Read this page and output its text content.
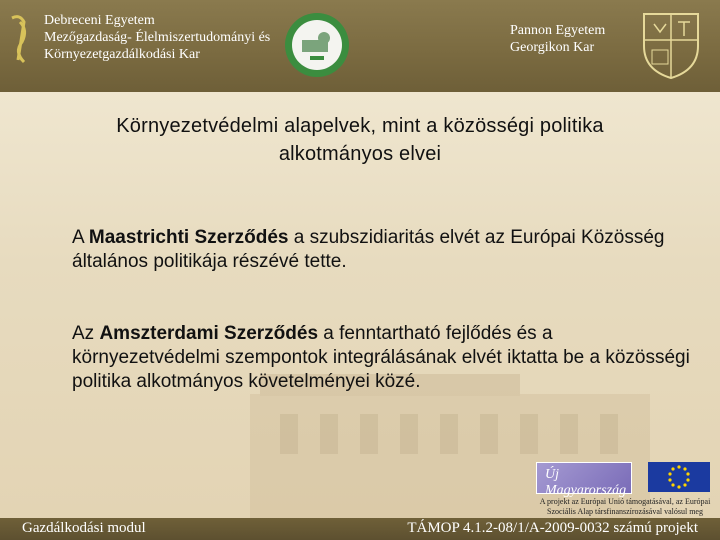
Debreceni Egyetem
Mezőgazdaság- Élelmiszertudományi és
Környezetgazdálkodási Kar
Pannon Egyetem
Georgikon Kar
Környezetvédelmi alapelvek, mint a közösségi politika
alkotmányos elvei
A Maastrichti Szerződés a szubszidiaritás elvét az Európai Közösség általános politikája részévé tette.
Az Amszterdami Szerződés a fenntartható fejlődés és a környezetvédelmi szempontok integrálásának elvét iktatta be a közösségi politika alkotmányos követelményei közé.
Új Magyarország
A projekt az Európai Unió támogatásával, az Európai
Szociális Alap társfinanszírozásával valósul meg
Gazdálkodási modul	TÁMOP 4.1.2-08/1/A-2009-0032 számú projekt
